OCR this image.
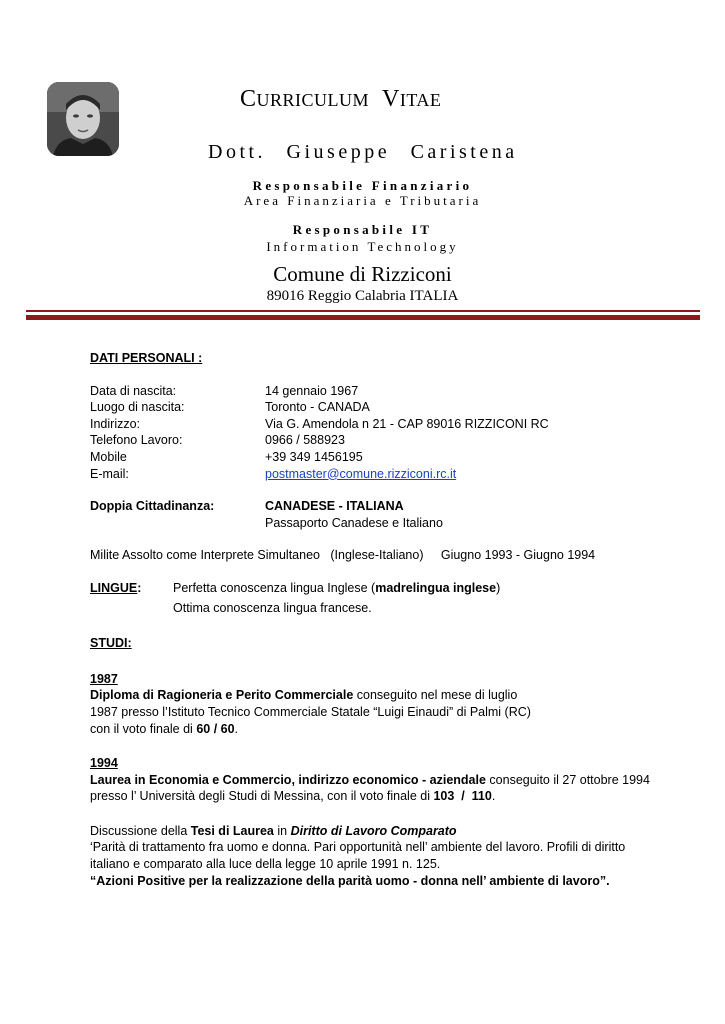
CURRICULUM VITAE
Dott. Giuseppe Caristena
Responsabile Finanziario
Area Finanziaria e Tributaria
Responsabile IT
Information Technology
Comune di Rizziconi
89016 Reggio Calabria ITALIA

DATI PERSONALI :

Data di nascita:	14 gennaio 1967
Luogo di nascita:	Toronto - CANADA
Indirizzo:	Via G. Amendola n 21 - CAP 89016 RIZZICONI RC
Telefono Lavoro:	0966 / 588923
Mobile	+39 349 1456195
E-mail:	postmaster@comune.rizziconi.rc.it
Doppia Cittadinanza:	CANADESE - ITALIANA
Passaporto Canadese e Italiano

Milite Assolto come Interprete Simultaneo   (Inglese-Italiano)     Giugno 1993 - Giugno 1994

LINGUE:	Perfetta conoscenza lingua Inglese (madrelingua inglese)
Ottima conoscenza lingua francese.

STUDI:

1987

Diploma di Ragioneria e Perito Commerciale conseguito nel mese di luglio

1987 presso l’Istituto Tecnico Commerciale Statale “Luigi Einaudi” di Palmi (RC)

con il voto finale di 60 / 60.

1994

Laurea in Economia e Commercio, indirizzo economico - aziendale conseguito il 27 ottobre 1994

presso l’ Università degli Studi di Messina, con il voto finale di 103  /  110.

Discussione della Tesi di Laurea in Diritto di Lavoro Comparato

‘Parità di trattamento fra uomo e donna. Pari opportunità nell’ ambiente del lavoro. Profili di diritto

italiano e comparato alla luce della legge 10 aprile 1991 n. 125.

“Azioni Positive per la realizzazione della parità uomo - donna nell’ ambiente di lavoro”.
